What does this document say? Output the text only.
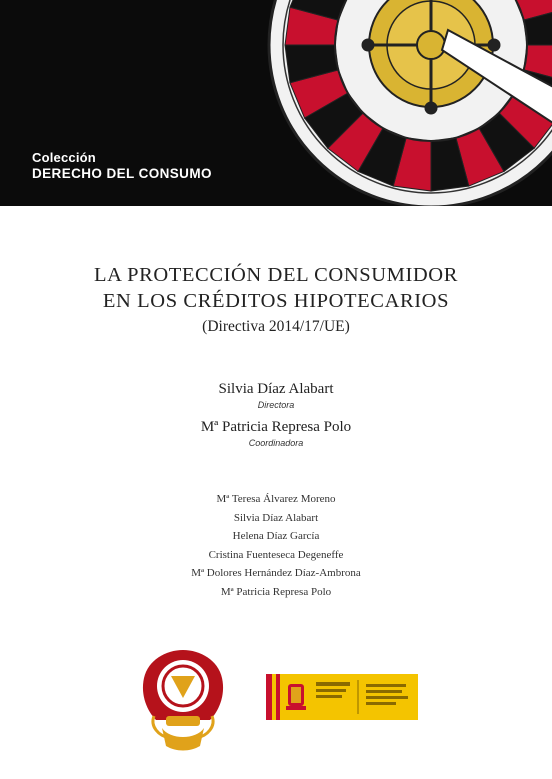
Colección
DERECHO DEL CONSUMO
LA PROTECCIÓN DEL CONSUMIDOR
EN LOS CRÉDITOS HIPOTECARIOS
(Directiva 2014/17/UE)
Silvia Díaz Alabart
Directora
Mª Patricia Represa Polo
Coordinadora
Mª Teresa Álvarez Moreno
Silvia Díaz Alabart
Helena Díaz García
Cristina Fuenteseca Degeneffe
Mª Dolores Hernández Díaz-Ambrona
Mª Patricia Represa Polo
